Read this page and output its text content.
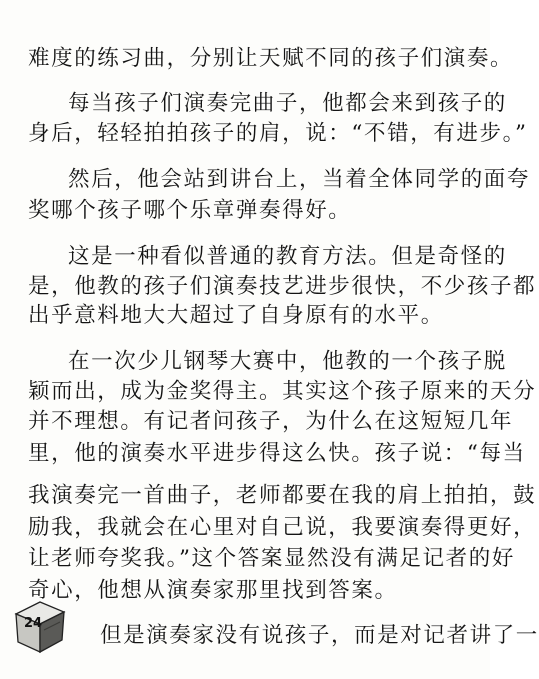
难度的练习曲，分别让天赋不同的孩子们演奏。
每当孩子们演奏完曲子，他都会来到孩子的
身后，轻轻拍拍孩子的肩，说：“不错，有进步。”
然后，他会站到讲台上，当着全体同学的面夸
奖哪个孩子哪个乐章弹奏得好。
这是一种看似普通的教育方法。但是奇怪的
是，他教的孩子们演奏技艺进步很快，不少孩子都
出乎意料地大大超过了自身原有的水平。
在一次少儿钢琴大赛中，他教的一个孩子脱
颖而出，成为金奖得主。其实这个孩子原来的天分
并不理想。有记者问孩子，为什么在这短短几年
里，他的演奏水平进步得这么快。孩子说：“每当
我演奏完一首曲子，老师都要在我的肩上拍拍，鼓
励我，我就会在心里对自己说，我要演奏得更好，
让老师夸奖我。”这个答案显然没有满足记者的好
奇心，他想从演奏家那里找到答案。
但是演奏家没有说孩子，而是对记者讲了一
24
